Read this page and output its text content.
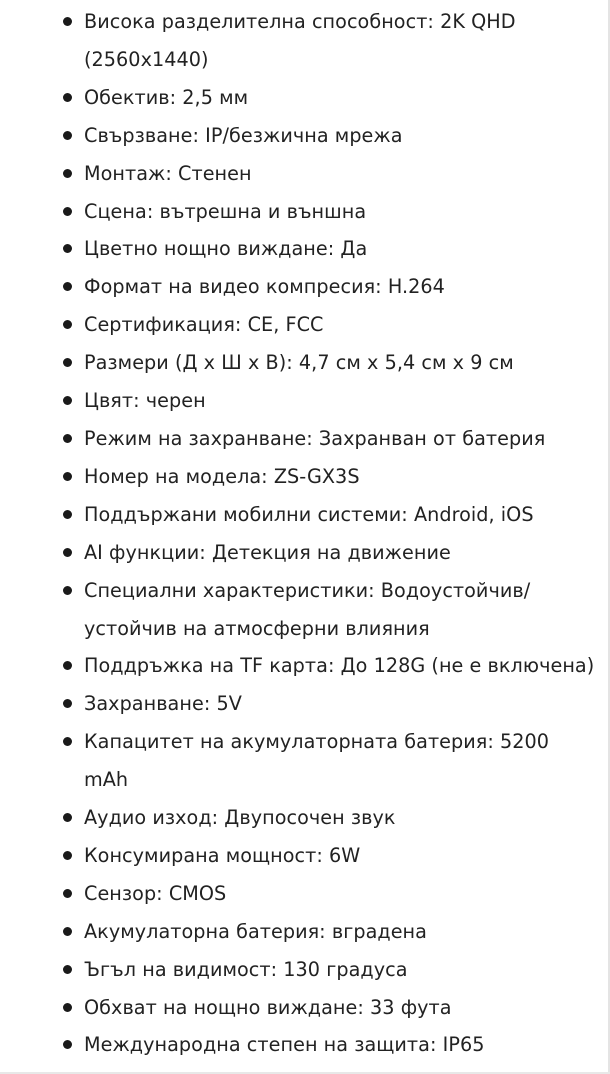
Висока разделителна способност: 2K QHD (2560x1440)
Обектив: 2,5 мм
Свързване: IP/безжична мрежа
Монтаж: Стенен
Сцена: вътрешна и външна
Цветно нощно виждане: Да
Формат на видео компресия: H.264
Сертификация: CE, FCC
Размери (Д x Ш x В): 4,7 см x 5,4 см x 9 см
Цвят: черен
Режим на захранване: Захранван от батерия
Номер на модела: ZS-GX3S
Поддържани мобилни системи: Android, iOS
AI функции: Детекция на движение
Специални характеристики: Водоустойчив/ устойчив на атмосферни влияния
Поддръжка на TF карта: До 128G (не е включена)
Захранване: 5V
Капацитет на акумулаторната батерия: 5200 mAh
Аудио изход: Двупосочен звук
Консумирана мощност: 6W
Сензор: CMOS
Акумулаторна батерия: вградена
Ъгъл на видимост: 130 градуса
Обхват на нощно виждане: 33 фута
Международна степен на защита: IP65
